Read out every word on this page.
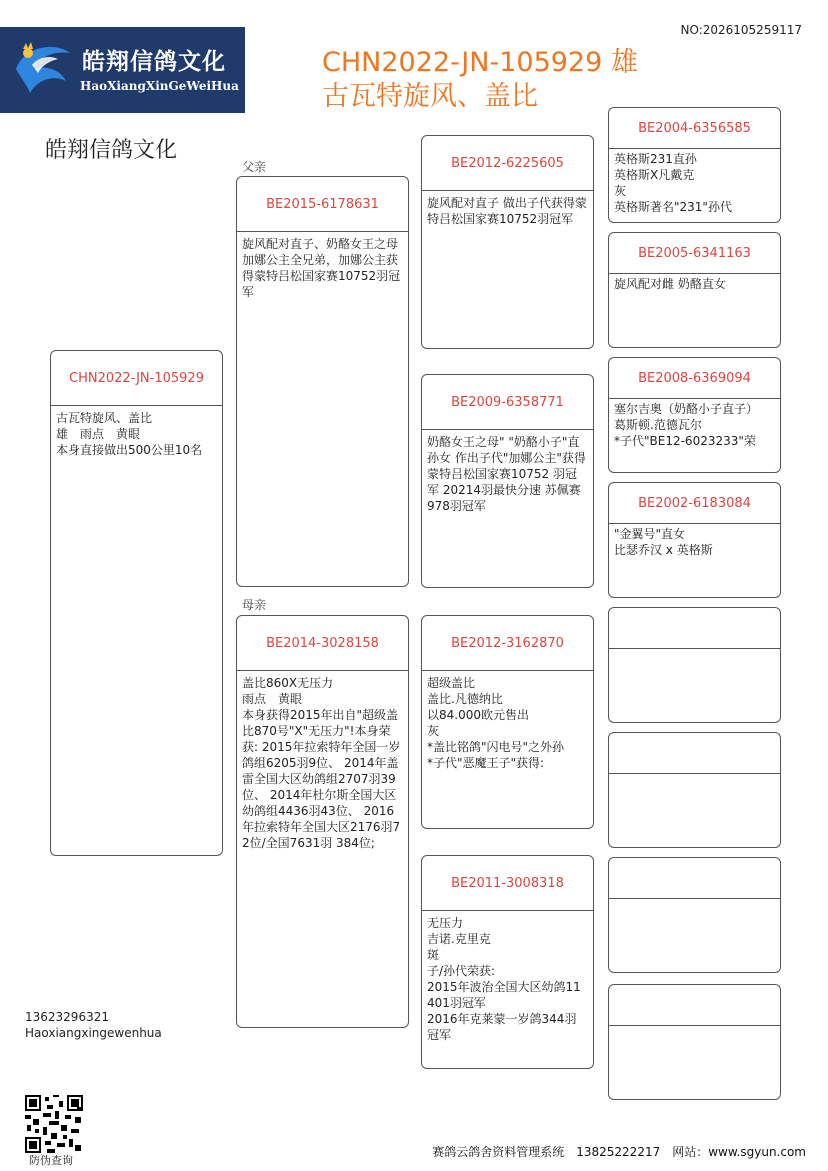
皓翔信鸽文化
HaoXiangXinGeWeiHua
NO:2026105259117
CHN2022-JN-105929 雄
古瓦特旋风、盖比
皓翔信鸽文化
父亲
母亲
CHN2022-JN-105929
古瓦特旋风、盖比
雄　雨点　黄眼
本身直接做出500公里10名
BE2015-6178631
旋风配对直子、奶酪女王之母
加娜公主全兄弟，加娜公主获得蒙特吕松国家赛10752羽冠军
BE2014-3028158
盖比860X无压力
雨点　黄眼
本身获得2015年出自"超级盖比870号"X"无压力"!本身荣获: 2015年拉索特年全国一岁鸽组6205羽9位、 2014年盖雷全国大区幼鸽组2707羽39位、 2014年杜尔斯全国大区幼鸽组4436羽43位、 2016年拉索特年全国大区2176羽72位/全国7631羽 384位;
BE2012-6225605
旋风配对直子 做出子代获得蒙特吕松国家赛10752羽冠军
BE2009-6358771
奶酪女王之母" "奶酪小子"直孙女 作出子代"加娜公主"获得 蒙特吕松国家赛10752 羽冠军 20214羽最快分速 苏佩赛978羽冠军
BE2012-3162870
超级盖比
盖比.凡德纳比
以84.000欧元售出
灰
*盖比铭鸽"闪电号"之外孙
*子代"恶魔王子"获得:
BE2011-3008318
无压力
吉诺.克里克
斑
子/孙代荣获:
2015年波治全国大区幼鸽11401羽冠军
2016年克莱蒙一岁鸽344羽冠军
BE2004-6356585
英格斯231直孙
英格斯X凡戴克
灰
英格斯著名"231"孙代
BE2005-6341163
旋风配对雌 奶酪直女
BE2008-6369094
塞尔吉奥（奶酪小子直子）
葛斯顿.范德瓦尔
*子代"BE12-6023233"荣
BE2002-6183084
"金翼号"直女
比瑟乔汉 x 英格斯
13623296321
Haoxiangxingewenhua
防伪查询
赛鸽云鸽舍资料管理系统　13825222217　网站：www.sgyun.com
